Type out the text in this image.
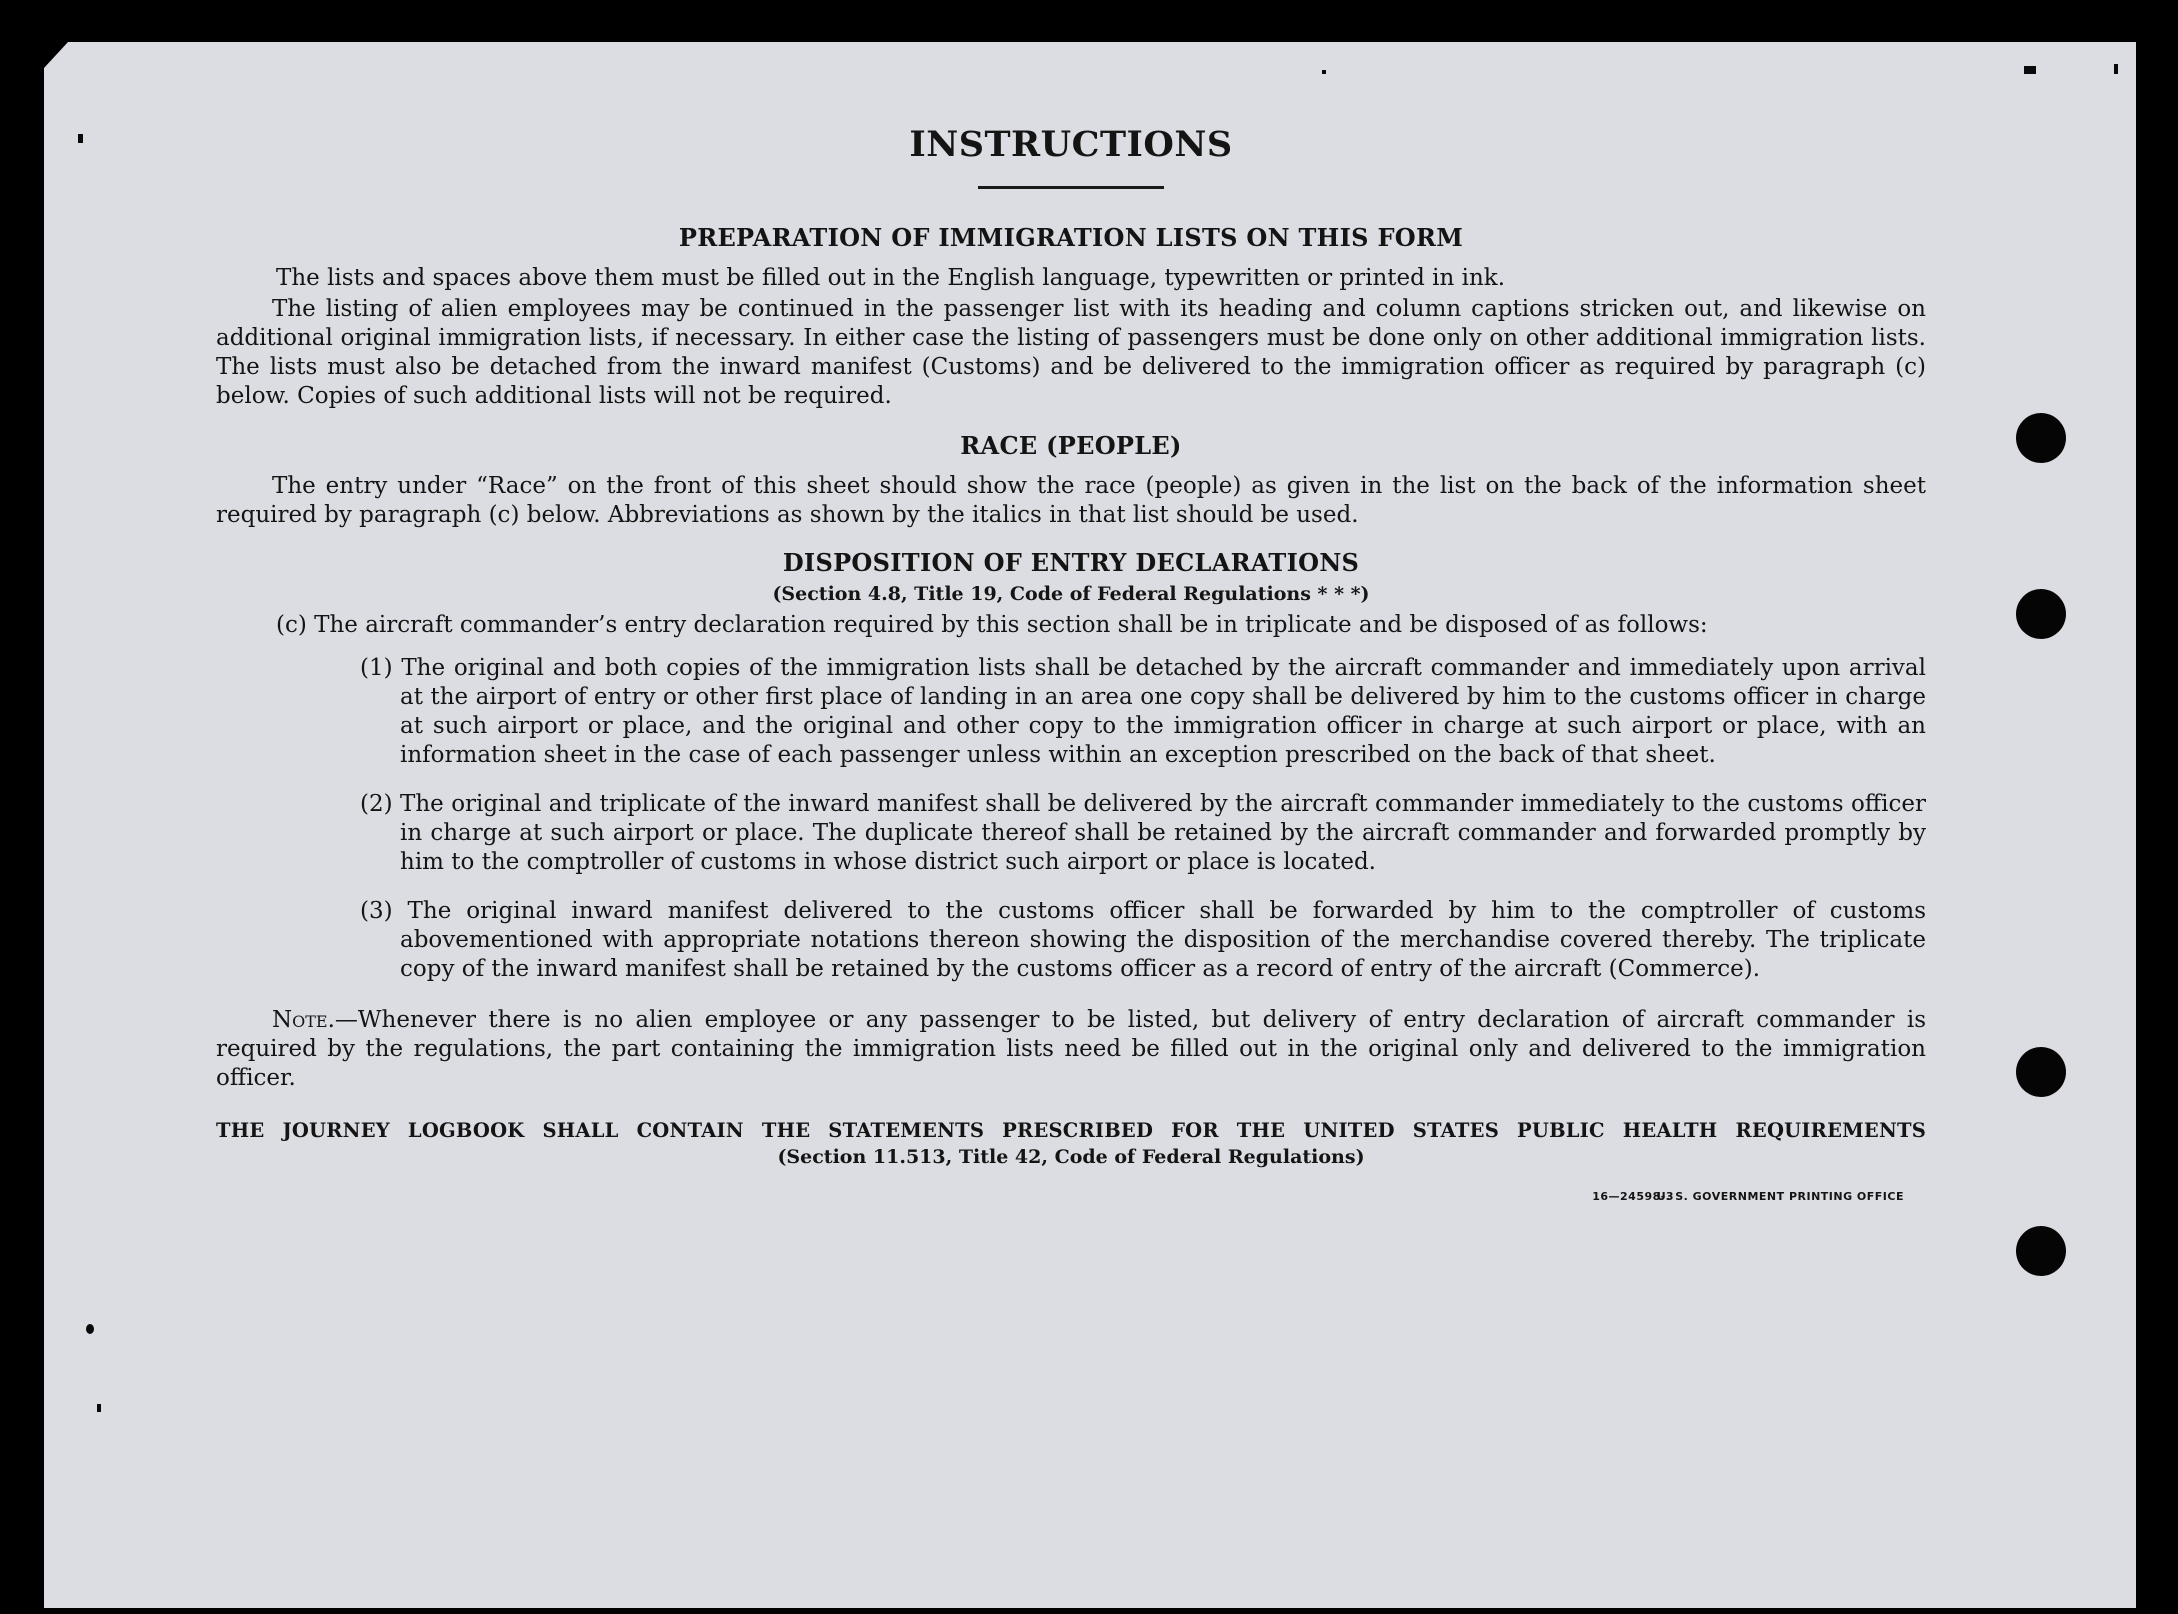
INSTRUCTIONS
PREPARATION OF IMMIGRATION LISTS ON THIS FORM

The lists and spaces above them must be filled out in the English language, typewritten or printed in ink.

The listing of alien employees may be continued in the passenger list with its heading and column captions stricken out, and likewise on additional original immigration lists, if necessary. In either case the listing of passengers must be done only on other additional immigration lists. The lists must also be detached from the inward manifest (Customs) and be delivered to the immigration officer as required by paragraph (c) below. Copies of such additional lists will not be required.

RACE (PEOPLE)

The entry under “Race” on the front of this sheet should show the race (people) as given in the list on the back of the information sheet required by paragraph (c) below. Abbreviations as shown by the italics in that list should be used.

DISPOSITION OF ENTRY DECLARATIONS
(Section 4.8, Title 19, Code of Federal Regulations * * *)

(c) The aircraft commander’s entry declaration required by this section shall be in triplicate and be disposed of as follows:

(1) The original and both copies of the immigration lists shall be detached by the aircraft commander and immediately upon arrival at the airport of entry or other first place of landing in an area one copy shall be delivered by him to the customs officer in charge at such airport or place, and the original and other copy to the immigration officer in charge at such airport or place, with an information sheet in the case of each passenger unless within an exception prescribed on the back of that sheet.

(2) The original and triplicate of the inward manifest shall be delivered by the aircraft commander immediately to the customs officer in charge at such airport or place. The duplicate thereof shall be retained by the aircraft commander and forwarded promptly by him to the comptroller of customs in whose district such airport or place is located.

(3) The original inward manifest delivered to the customs officer shall be forwarded by him to the comptroller of customs abovementioned with appropriate notations thereon showing the disposition of the merchandise covered thereby. The triplicate copy of the inward manifest shall be retained by the customs officer as a record of entry of the aircraft (Commerce).

Note.—Whenever there is no alien employee or any passenger to be listed, but delivery of entry declaration of aircraft commander is required by the regulations, the part containing the immigration lists need be filled out in the original only and delivered to the immigration officer.

THE JOURNEY LOGBOOK SHALL CONTAIN THE STATEMENTS PRESCRIBED FOR THE UNITED STATES PUBLIC HEALTH REQUIREMENTS
(Section 11.513, Title 42, Code of Federal Regulations)
16—24598-3
U. S. GOVERNMENT PRINTING OFFICE
